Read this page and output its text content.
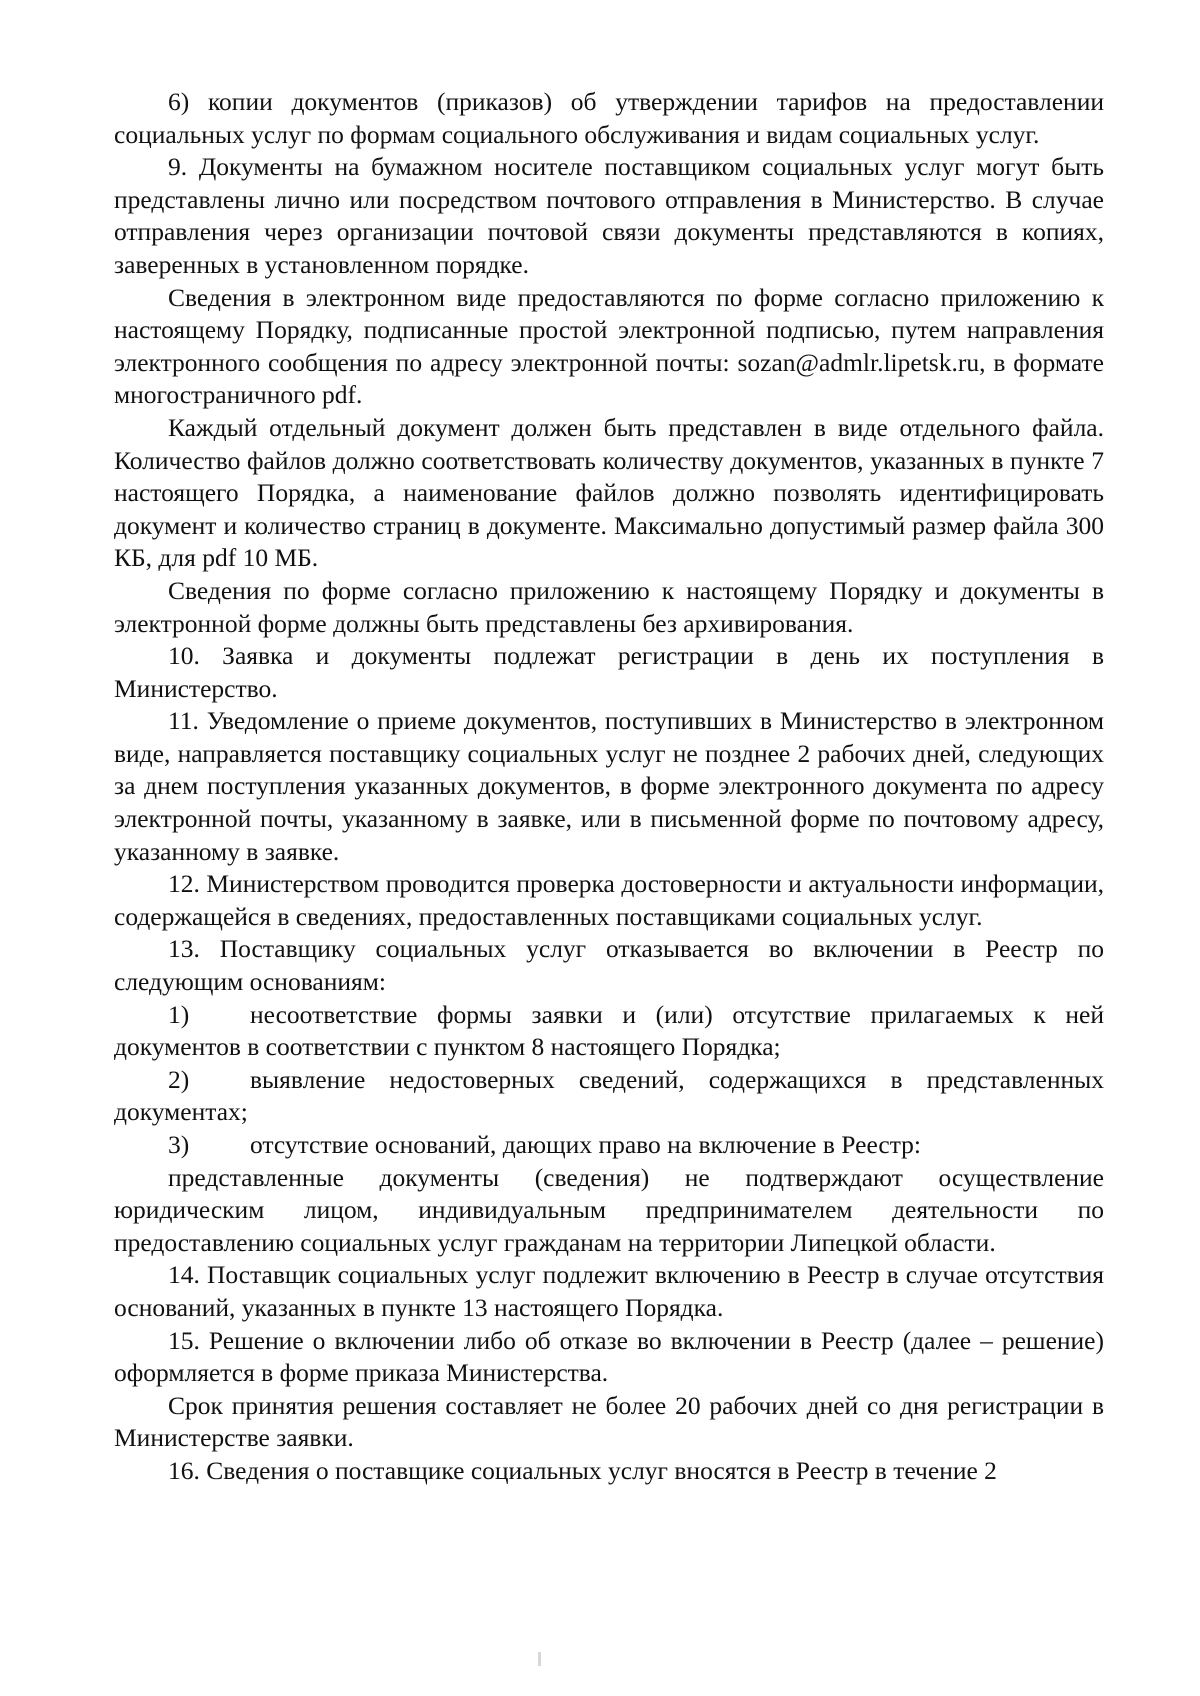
6) копии документов (приказов) об утверждении тарифов на предоставлении социальных услуг по формам социального обслуживания и видам социальных услуг.

9. Документы на бумажном носителе поставщиком социальных услуг могут быть представлены лично или посредством почтового отправления в Министерство. В случае отправления через организации почтовой связи документы представляются в копиях, заверенных в установленном порядке.

Сведения в электронном виде предоставляются по форме согласно приложению к настоящему Порядку, подписанные простой электронной подписью, путем направления электронного сообщения по адресу электронной почты: sozan@admlr.lipetsk.ru, в формате многостраничного pdf.

Каждый отдельный документ должен быть представлен в виде отдельного файла. Количество файлов должно соответствовать количеству документов, указанных в пункте 7 настоящего Порядка, а наименование файлов должно позволять идентифицировать документ и количество страниц в документе. Максимально допустимый размер файла 300 КБ, для pdf 10 МБ.

Сведения по форме согласно приложению к настоящему Порядку и документы в электронной форме должны быть представлены без архивирования.

10. Заявка и документы подлежат регистрации в день их поступления в Министерство.

11. Уведомление о приеме документов, поступивших в Министерство в электронном виде, направляется поставщику социальных услуг не позднее 2 рабочих дней, следующих за днем поступления указанных документов, в форме электронного документа по адресу электронной почты, указанному в заявке, или в письменной форме по почтовому адресу, указанному в заявке.

12. Министерством проводится проверка достоверности и актуальности информации, содержащейся в сведениях, предоставленных поставщиками социальных услуг.

13. Поставщику социальных услуг отказывается во включении в Реестр по следующим основаниям:

1) несоответствие формы заявки и (или) отсутствие прилагаемых к ней документов в соответствии с пунктом 8 настоящего Порядка;

2) выявление недостоверных сведений, содержащихся в представленных документах;

3) отсутствие оснований, дающих право на включение в Реестр:

представленные документы (сведения) не подтверждают осуществление юридическим лицом, индивидуальным предпринимателем деятельности по предоставлению социальных услуг гражданам на территории Липецкой области.

14. Поставщик социальных услуг подлежит включению в Реестр в случае отсутствия оснований, указанных в пункте 13 настоящего Порядка.

15. Решение о включении либо об отказе во включении в Реестр (далее – решение) оформляется в форме приказа Министерства.

Срок принятия решения составляет не более 20 рабочих дней со дня регистрации в Министерстве заявки.

16. Сведения о поставщике социальных услуг вносятся в Реестр в течение 2
